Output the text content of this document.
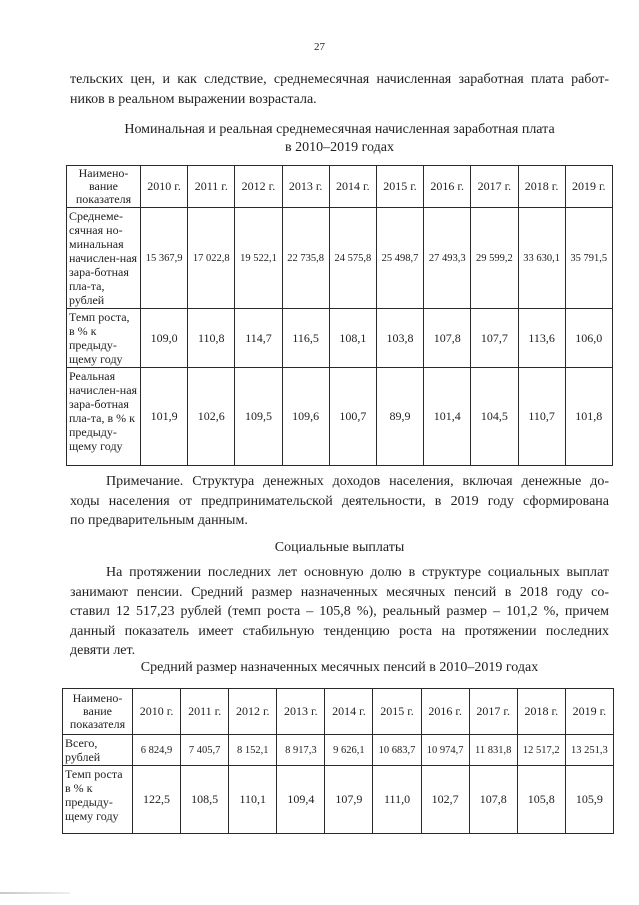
27

тельских цен, и как следствие, среднемесячная начисленная заработная плата работ-
ников в реальном выражении возрастала.

Номинальная и реальная среднемесячная начисленная заработная плата
в 2010–2019 годах

Наимено-вание показателя	2010 г.	2011 г.	2012 г.	2013 г.	2014 г.	2015 г.	2016 г.	2017 г.	2018 г.	2019 г.
Среднеме-сячная но-минальная начислен-ная зара-ботная пла-та, рублей	15 367,9	17 022,8	19 522,1	22 735,8	24 575,8	25 498,7	27 493,3	29 599,2	33 630,1	35 791,5
Темп роста, в % к предыду-щему году	109,0	110,8	114,7	116,5	108,1	103,8	107,8	107,7	113,6	106,0
Реальная начислен-ная зара-ботная пла-та, в % к предыду-щему году	101,9	102,6	109,5	109,6	100,7	89,9	101,4	104,5	110,7	101,8

Примечание. Структура денежных доходов населения, включая денежные до-
ходы населения от предпринимательской деятельности, в 2019 году сформирована
по предварительным данным.

Социальные выплаты

На протяжении последних лет основную долю в структуре социальных выплат
занимают пенсии. Средний размер назначенных месячных пенсий в 2018 году со-
ставил 12 517,23 рублей (темп роста – 105,8 %), реальный размер – 101,2 %, причем
данный показатель имеет стабильную тенденцию роста на протяжении последних
девяти лет.

Средний размер назначенных месячных пенсий в 2010–2019 годах

Наимено-вание показателя	2010 г.	2011 г.	2012 г.	2013 г.	2014 г.	2015 г.	2016 г.	2017 г.	2018 г.	2019 г.
Всего, рублей	6 824,9	7 405,7	8 152,1	8 917,3	9 626,1	10 683,7	10 974,7	11 831,8	12 517,2	13 251,3
Темп роста в % к предыду-щему году	122,5	108,5	110,1	109,4	107,9	111,0	102,7	107,8	105,8	105,9
